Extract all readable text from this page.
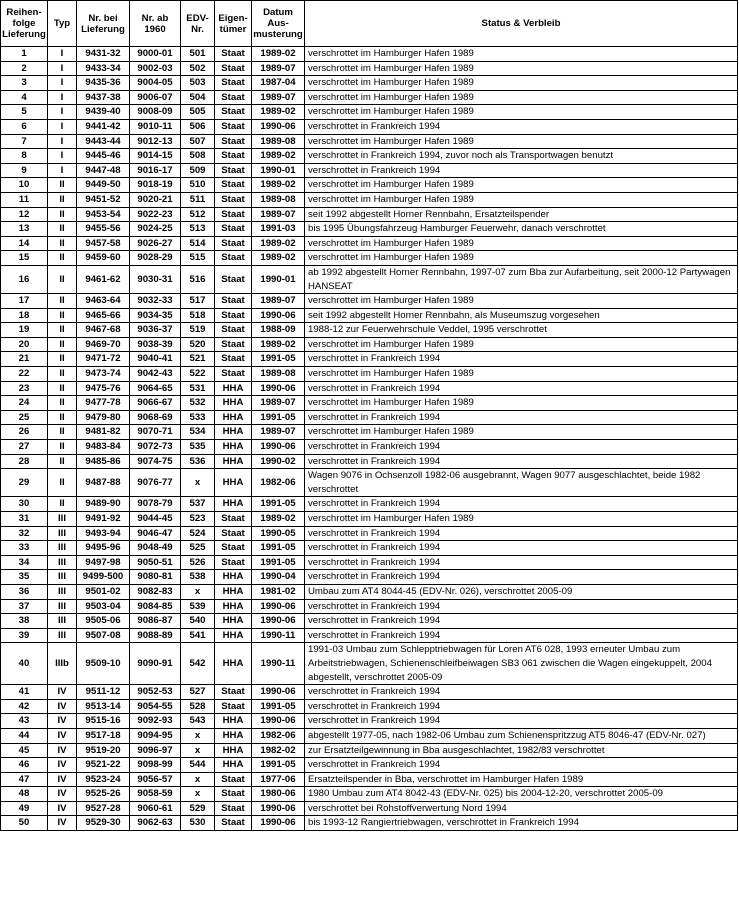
Reihen-folge Lieferung	Typ	Nr. bei Lieferung	Nr. ab 1960	EDV-Nr.	Eigen-tümer	Datum Aus-musterung	Status & Verbleib
1	I	9431-32	9000-01	501	Staat	1989-02	verschrottet im Hamburger Hafen 1989
2	I	9433-34	9002-03	502	Staat	1989-07	verschrottet im Hamburger Hafen 1989
3	I	9435-36	9004-05	503	Staat	1987-04	verschrottet im Hamburger Hafen 1989
4	I	9437-38	9006-07	504	Staat	1989-07	verschrottet im Hamburger Hafen 1989
5	I	9439-40	9008-09	505	Staat	1989-02	verschrottet im Hamburger Hafen 1989
6	I	9441-42	9010-11	506	Staat	1990-06	verschrottet in Frankreich 1994
7	I	9443-44	9012-13	507	Staat	1989-08	verschrottet im Hamburger Hafen 1989
8	I	9445-46	9014-15	508	Staat	1989-02	verschrottet in Frankreich 1994, zuvor noch als Transportwagen benutzt
9	I	9447-48	9016-17	509	Staat	1990-01	verschrottet in Frankreich 1994
10	II	9449-50	9018-19	510	Staat	1989-02	verschrottet im Hamburger Hafen 1989
11	II	9451-52	9020-21	511	Staat	1989-08	verschrottet im Hamburger Hafen 1989
12	II	9453-54	9022-23	512	Staat	1989-07	seit 1992 abgestellt Horner Rennbahn, Ersatzteilspender
13	II	9455-56	9024-25	513	Staat	1991-03	bis 1995 Übungsfahrzeug Hamburger Feuerwehr, danach verschrottet
14	II	9457-58	9026-27	514	Staat	1989-02	verschrottet im Hamburger Hafen 1989
15	II	9459-60	9028-29	515	Staat	1989-02	verschrottet im Hamburger Hafen 1989
16	II	9461-62	9030-31	516	Staat	1990-01	ab 1992 abgestellt Horner Rennbahn, 1997-07 zum Bba zur Aufarbeitung, seit 2000-12 Partywagen HANSEAT
17	II	9463-64	9032-33	517	Staat	1989-07	verschrottet im Hamburger Hafen 1989
18	II	9465-66	9034-35	518	Staat	1990-06	seit 1992 abgestellt Horner Rennbahn, als Museumszug vorgesehen
19	II	9467-68	9036-37	519	Staat	1988-09	1988-12 zur Feuerwehrschule Veddel, 1995 verschrottet
20	II	9469-70	9038-39	520	Staat	1989-02	verschrottet im Hamburger Hafen 1989
21	II	9471-72	9040-41	521	Staat	1991-05	verschrottet in Frankreich 1994
22	II	9473-74	9042-43	522	Staat	1989-08	verschrottet im Hamburger Hafen 1989
23	II	9475-76	9064-65	531	HHA	1990-06	verschrottet in Frankreich 1994
24	II	9477-78	9066-67	532	HHA	1989-07	verschrottet im Hamburger Hafen 1989
25	II	9479-80	9068-69	533	HHA	1991-05	verschrottet in Frankreich 1994
26	II	9481-82	9070-71	534	HHA	1989-07	verschrottet im Hamburger Hafen 1989
27	II	9483-84	9072-73	535	HHA	1990-06	verschrottet in Frankreich 1994
28	II	9485-86	9074-75	536	HHA	1990-02	verschrottet in Frankreich 1994
29	II	9487-88	9076-77	x	HHA	1982-06	Wagen 9076 in Ochsenzoll 1982-06 ausgebrannt, Wagen 9077 ausgeschlachtet, beide 1982 verschrottet
30	II	9489-90	9078-79	537	HHA	1991-05	verschrottet in Frankreich 1994
31	III	9491-92	9044-45	523	Staat	1989-02	verschrottet im Hamburger Hafen 1989
32	III	9493-94	9046-47	524	Staat	1990-05	verschrottet in Frankreich 1994
33	III	9495-96	9048-49	525	Staat	1991-05	verschrottet in Frankreich 1994
34	III	9497-98	9050-51	526	Staat	1991-05	verschrottet in Frankreich 1994
35	III	9499-500	9080-81	538	HHA	1990-04	verschrottet in Frankreich 1994
36	III	9501-02	9082-83	x	HHA	1981-02	Umbau zum AT4 8044-45 (EDV-Nr. 026), verschrottet 2005-09
37	III	9503-04	9084-85	539	HHA	1990-06	verschrottet in Frankreich 1994
38	III	9505-06	9086-87	540	HHA	1990-06	verschrottet in Frankreich 1994
39	III	9507-08	9088-89	541	HHA	1990-11	verschrottet in Frankreich 1994
40	IIIb	9509-10	9090-91	542	HHA	1990-11	1991-03 Umbau zum Schlepptriebwagen für Loren AT6 028, 1993 erneuter Umbau zum Arbeitstriebwagen, Schienenschleifbeiwagen SB3 061 zwischen die Wagen eingekuppelt, 2004 abgestellt, verschrottet 2005-09
41	IV	9511-12	9052-53	527	Staat	1990-06	verschrottet in Frankreich 1994
42	IV	9513-14	9054-55	528	Staat	1991-05	verschrottet in Frankreich 1994
43	IV	9515-16	9092-93	543	HHA	1990-06	verschrottet in Frankreich 1994
44	IV	9517-18	9094-95	x	HHA	1982-06	abgestellt 1977-05, nach 1982-06 Umbau zum Schienenspritzzug AT5 8046-47 (EDV-Nr. 027)
45	IV	9519-20	9096-97	x	HHA	1982-02	zur Ersatzteilgewinnung in Bba ausgeschlachtet, 1982/83 verschrottet
46	IV	9521-22	9098-99	544	HHA	1991-05	verschrottet in Frankreich 1994
47	IV	9523-24	9056-57	x	Staat	1977-06	Ersatzteilspender in Bba, verschrottet im Hamburger Hafen 1989
48	IV	9525-26	9058-59	x	Staat	1980-06	1980 Umbau zum AT4 8042-43 (EDV-Nr. 025) bis 2004-12-20, verschrottet 2005-09
49	IV	9527-28	9060-61	529	Staat	1990-06	verschrottet bei Rohstoffverwertung Nord 1994
50	IV	9529-30	9062-63	530	Staat	1990-06	bis 1993-12 Rangiertriebwagen, verschrottet in Frankreich 1994
